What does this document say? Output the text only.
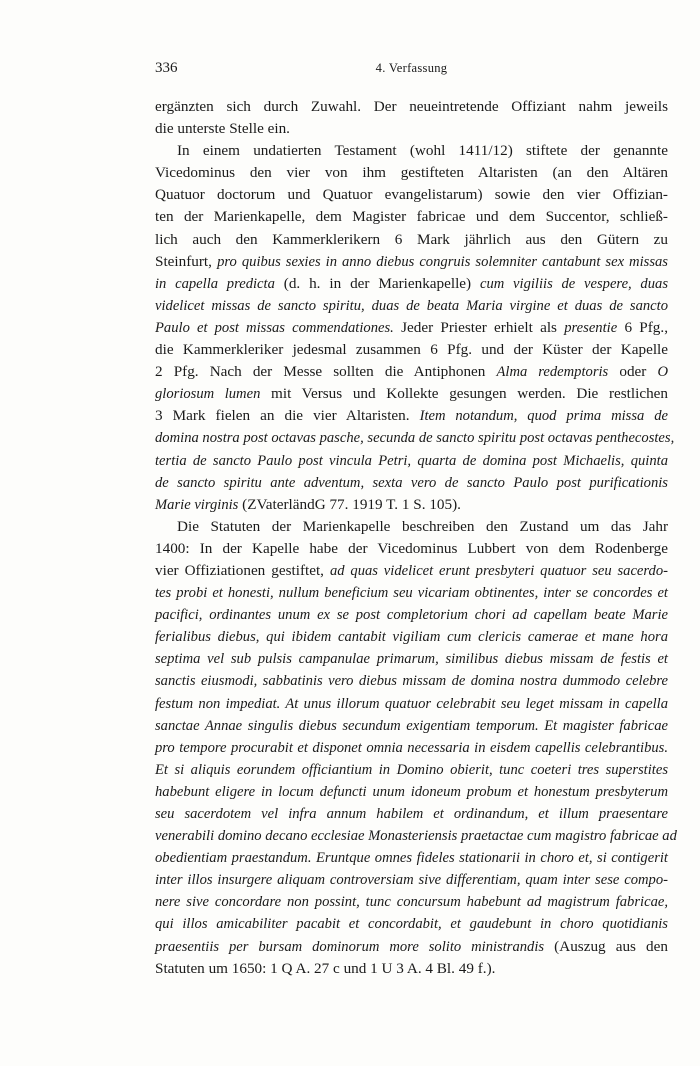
336	4. Verfassung
ergänzten sich durch Zuwahl. Der neueintretende Offiziant nahm jeweils
die unterste Stelle ein.
In einem undatierten Testament (wohl 1411/12) stiftete der genannte
Vicedominus den vier von ihm gestifteten Altaristen (an den Altären
Quatuor doctorum und Quatuor evangelistarum) sowie den vier Offizian-
ten der Marienkapelle, dem Magister fabricae und dem Succentor, schließ-
lich auch den Kammerklerikern 6 Mark jährlich aus den Gütern zu
Steinfurt, pro quibus sexies in anno diebus congruis solemniter cantabunt sex missas
in capella predicta (d. h. in der Marienkapelle) cum vigiliis de vespere, duas
videlicet missas de sancto spiritu, duas de beata Maria virgine et duas de sancto
Paulo et post missas commendationes. Jeder Priester erhielt als presentie 6 Pfg.,
die Kammerkleriker jedesmal zusammen 6 Pfg. und der Küster der Kapelle
2 Pfg. Nach der Messe sollten die Antiphonen Alma redemptoris oder O
gloriosum lumen mit Versus und Kollekte gesungen werden. Die restlichen
3 Mark fielen an die vier Altaristen. Item notandum, quod prima missa de
domina nostra post octavas pasche, secunda de sancto spiritu post octavas penthecostes,
tertia de sancto Paulo post vincula Petri, quarta de domina post Michaelis, quinta
de sancto spiritu ante adventum, sexta vero de sancto Paulo post purificationis
Marie virginis (ZVaterländG 77. 1919 T. 1 S. 105).
Die Statuten der Marienkapelle beschreiben den Zustand um das Jahr
1400: In der Kapelle habe der Vicedominus Lubbert von dem Rodenberge
vier Offiziationen gestiftet, ad quas videlicet erunt presbyteri quatuor seu sacerdo-
tes probi et honesti, nullum beneficium seu vicariam obtinentes, inter se concordes et
pacifici, ordinantes unum ex se post completorium chori ad capellam beate Marie
ferialibus diebus, qui ibidem cantabit vigiliam cum clericis camerae et mane hora
septima vel sub pulsis campanulae primarum, similibus diebus missam de festis et
sanctis eiusmodi, sabbatinis vero diebus missam de domina nostra dummodo celebre
festum non impediat. At unus illorum quatuor celebrabit seu leget missam in capella
sanctae Annae singulis diebus secundum exigentiam temporum. Et magister fabricae
pro tempore procurabit et disponet omnia necessaria in eisdem capellis celebrantibus.
Et si aliquis eorundem officiantium in Domino obierit, tunc coeteri tres superstites
habebunt eligere in locum defuncti unum idoneum probum et honestum presbyterum
seu sacerdotem vel infra annum habilem et ordinandum, et illum praesentare
venerabili domino decano ecclesiae Monasteriensis praetactae cum magistro fabricae ad
obedientiam praestandum. Eruntque omnes fideles stationarii in choro et, si contigerit
inter illos insurgere aliquam controversiam sive differentiam, quam inter sese compo-
nere sive concordare non possint, tunc concursum habebunt ad magistrum fabricae,
qui illos amicabiliter pacabit et concordabit, et gaudebunt in choro quotidianis
praesentiis per bursam dominorum more solito ministrandis (Auszug aus den
Statuten um 1650: 1 Q A. 27 c und 1 U 3 A. 4 Bl. 49 f.).
